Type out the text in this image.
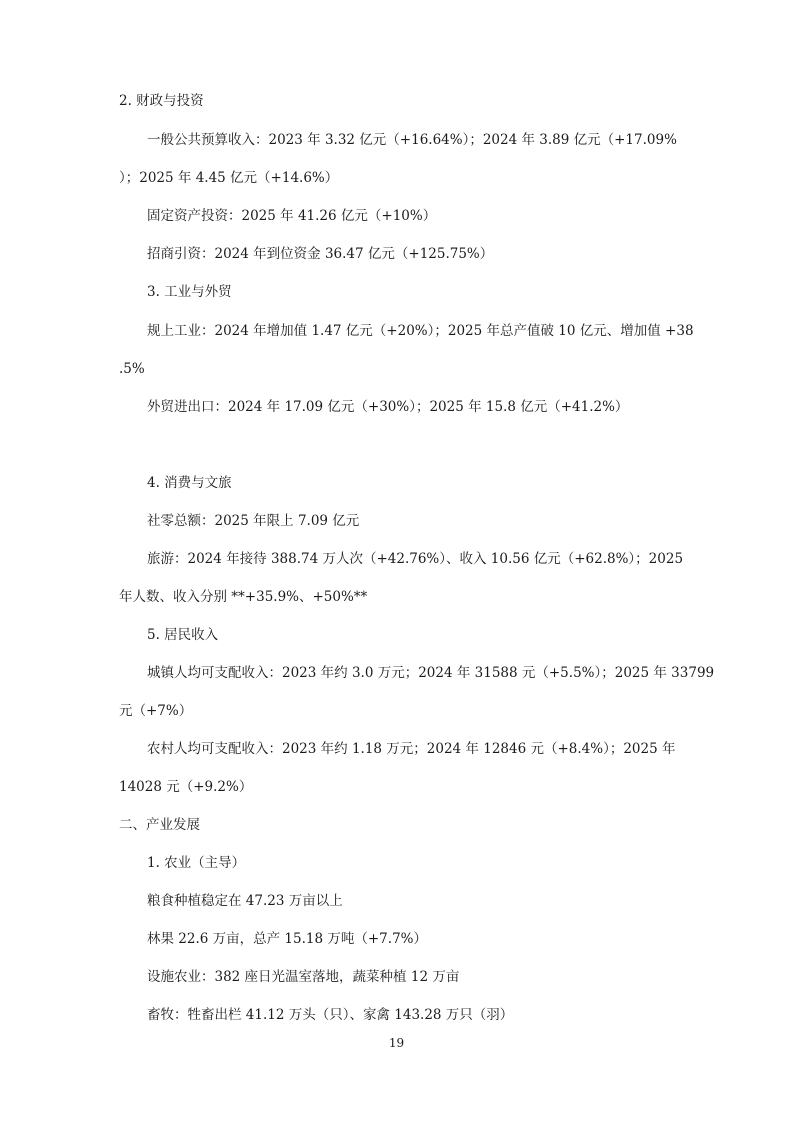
2. 财政与投资
一般公共预算收入：2023 年 3.32 亿元（+16.64%）；2024 年 3.89 亿元（+17.09%
）；2025 年 4.45 亿元（+14.6%）
固定资产投资：2025 年 41.26 亿元（+10%）
招商引资：2024 年到位资金 36.47 亿元（+125.75%）
3. 工业与外贸
规上工业：2024 年增加值 1.47 亿元（+20%）；2025 年总产值破 10 亿元、增加值 +38
.5%
外贸进出口：2024 年 17.09 亿元（+30%）；2025 年 15.8 亿元（+41.2%）
4. 消费与文旅
社零总额：2025 年限上 7.09 亿元
旅游：2024 年接待 388.74 万人次（+42.76%）、收入 10.56 亿元（+62.8%）；2025
年人数、收入分别 **+35.9%、+50%**
5. 居民收入
城镇人均可支配收入：2023 年约 3.0 万元；2024 年 31588 元（+5.5%）；2025 年 33799
元（+7%）
农村人均可支配收入：2023 年约 1.18 万元；2024 年 12846 元（+8.4%）；2025 年
14028 元（+9.2%）
二、产业发展
1. 农业（主导）
粮食种植稳定在 47.23 万亩以上
林果 22.6 万亩，总产 15.18 万吨（+7.7%）
设施农业：382 座日光温室落地，蔬菜种植 12 万亩
畜牧：牲畜出栏 41.12 万头（只）、家禽 143.28 万只（羽）
19
